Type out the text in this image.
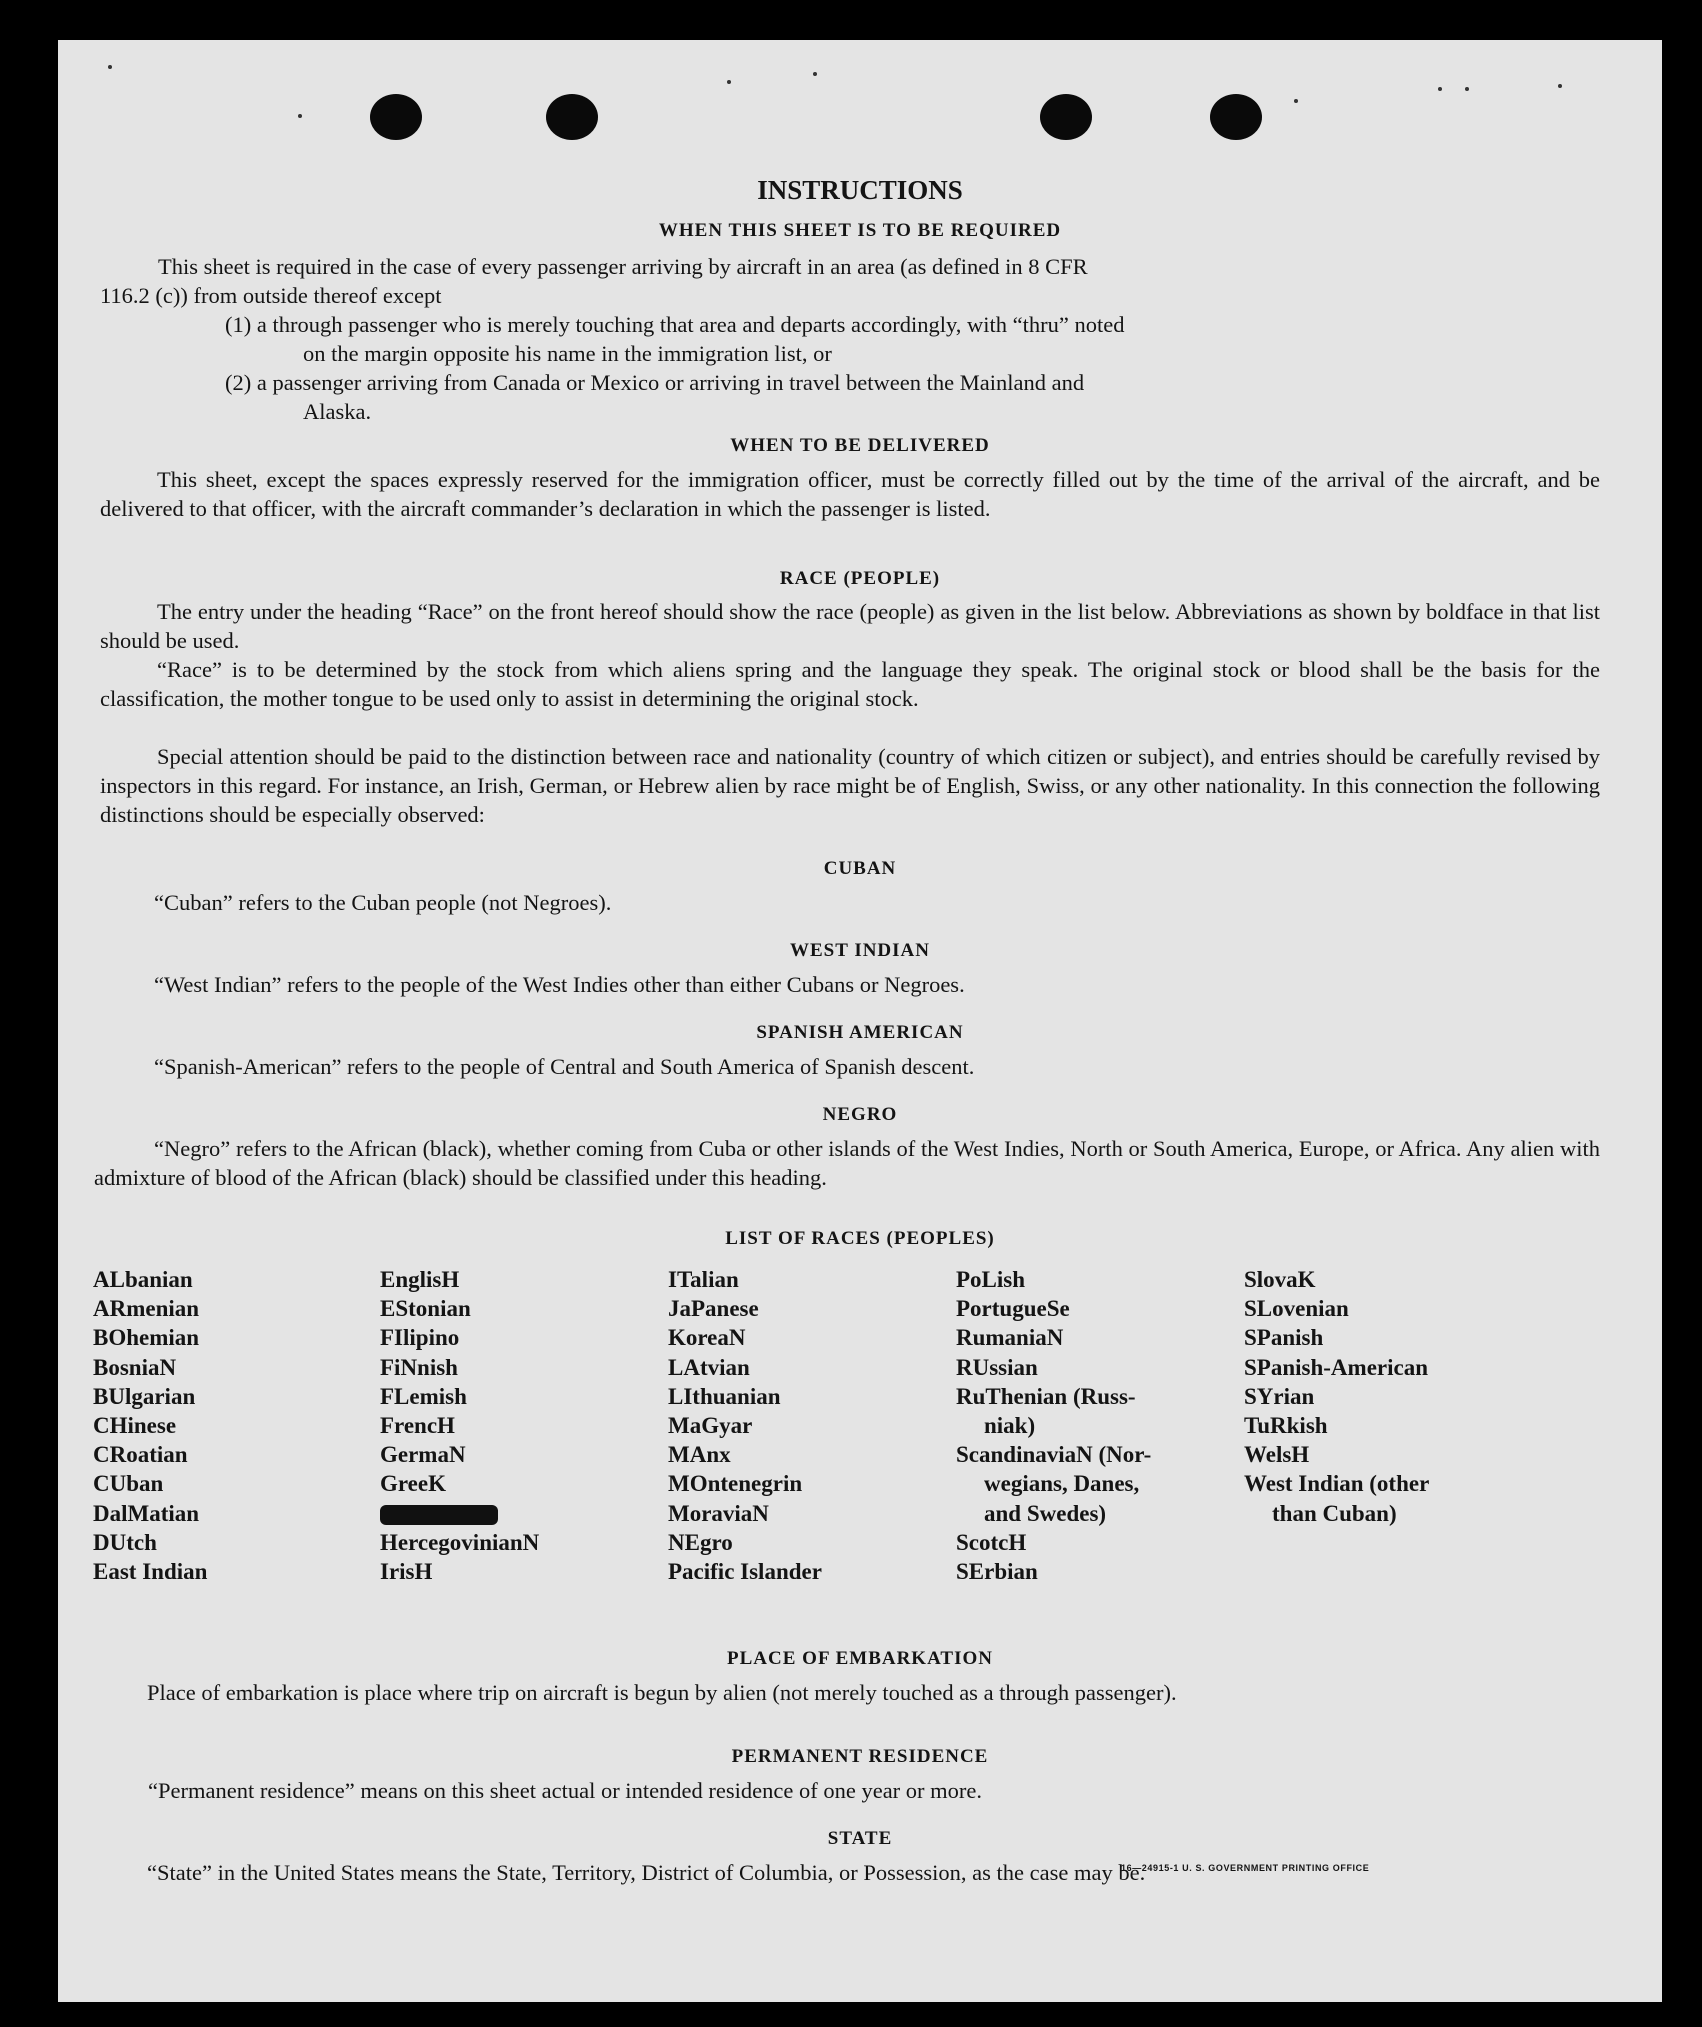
INSTRUCTIONS
WHEN THIS SHEET IS TO BE REQUIRED
This sheet is required in the case of every passenger arriving by aircraft in an area (as defined in 8 CFR
116.2 (c)) from outside thereof except
(1) a through passenger who is merely touching that area and departs accordingly, with “thru” noted
on the margin opposite his name in the immigration list, or
(2) a passenger arriving from Canada or Mexico or arriving in travel between the Mainland and
Alaska.
WHEN TO BE DELIVERED
This sheet, except the spaces expressly reserved for the immigration officer, must be correctly filled out by the time of the arrival of the aircraft, and be delivered to that officer, with the aircraft commander’s declaration in which the passenger is listed.
RACE (PEOPLE)
The entry under the heading “Race” on the front hereof should show the race (people) as given in the list below. Abbreviations as shown by boldface in that list should be used.
“Race” is to be determined by the stock from which aliens spring and the language they speak. The original stock or blood shall be the basis for the classification, the mother tongue to be used only to assist in determining the original stock.
Special attention should be paid to the distinction between race and nationality (country of which citizen or subject), and entries should be carefully revised by inspectors in this regard. For instance, an Irish, German, or Hebrew alien by race might be of English, Swiss, or any other nationality. In this connection the following distinctions should be especially observed:
CUBAN
“Cuban” refers to the Cuban people (not Negroes).
WEST INDIAN
“West Indian” refers to the people of the West Indies other than either Cubans or Negroes.
SPANISH AMERICAN
“Spanish-American” refers to the people of Central and South America of Spanish descent.
NEGRO
“Negro” refers to the African (black), whether coming from Cuba or other islands of the West Indies, North or South America, Europe, or Africa. Any alien with admixture of blood of the African (black) should be classified under this heading.
LIST OF RACES (PEOPLES)
ALbanian
ARmenian
BOhemian
BosniaN
BUlgarian
CHinese
CRoatian
CUban
DalMatian
DUtch
East Indian
EnglisH
EStonian
FIlipino
FiNnish
FLemish
FrencH
GermaN
GreeK
HercegovinianN
IrisH
ITalian
JaPanese
KoreaN
LAtvian
LIthuanian
MaGyar
MAnx
MOntenegrin
MoraviaN
NEgro
Pacific Islander
PoLish
PortugueSe
RumaniaN
RUssian
RuThenian (Russ-
niak)
ScandinaviaN (Nor-
wegians, Danes,
and Swedes)
ScotcH
SErbian
SlovaK
SLovenian
SPanish
SPanish-American
SYrian
TuRkish
WelsH
West Indian (other
than Cuban)
PLACE OF EMBARKATION
Place of embarkation is place where trip on aircraft is begun by alien (not merely touched as a through passenger).
PERMANENT RESIDENCE
“Permanent residence” means on this sheet actual or intended residence of one year or more.
STATE
“State” in the United States means the State, Territory, District of Columbia, or Possession, as the case may be.
16—24915-1 U. S. GOVERNMENT PRINTING OFFICE
